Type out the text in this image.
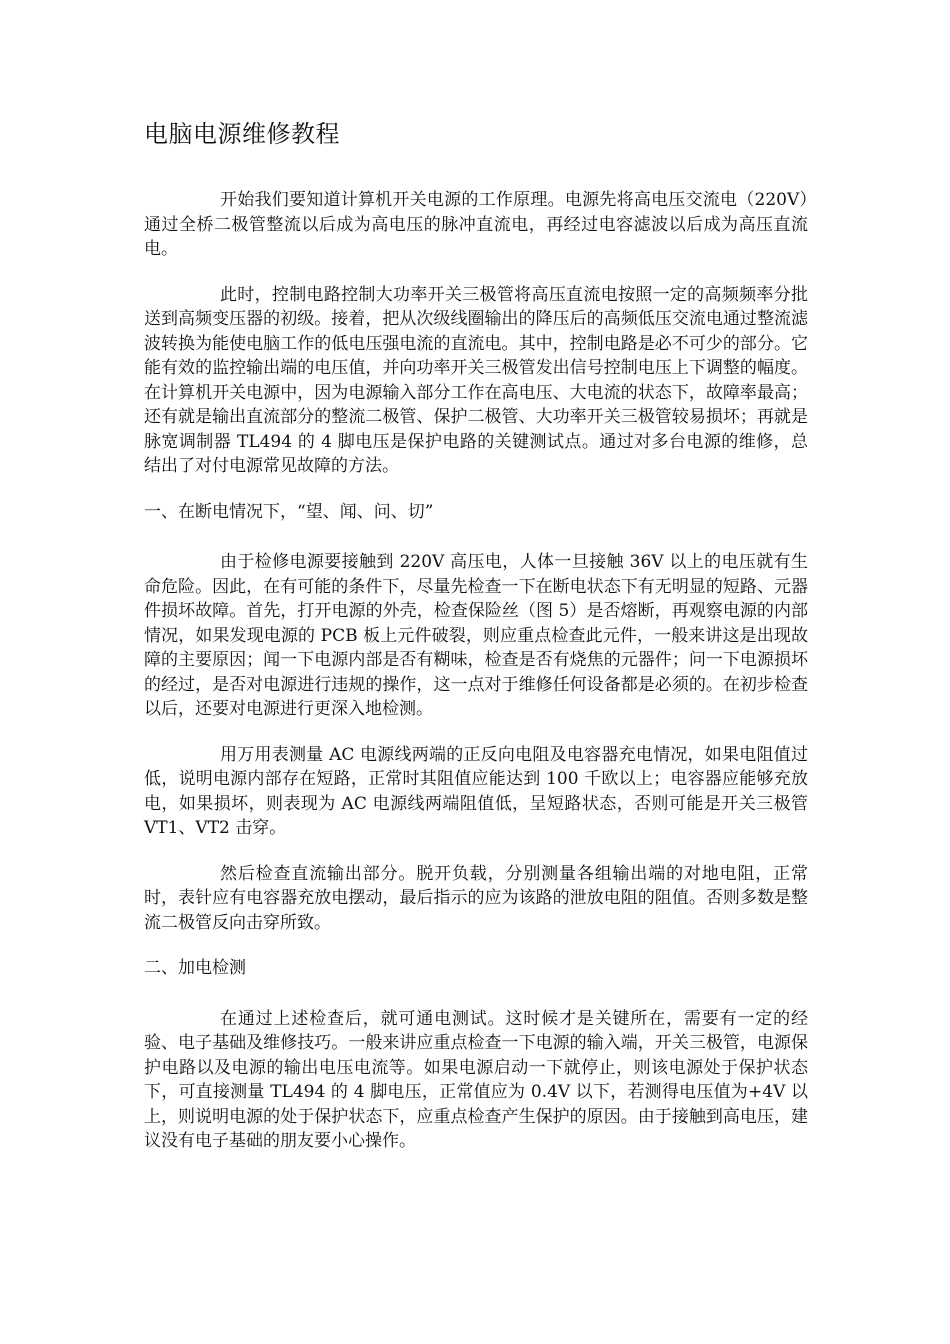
电脑电源维修教程

开始我们要知道计算机开关电源的工作原理。电源先将高电压交流电（220V）通过全桥二极管整流以后成为高电压的脉冲直流电，再经过电容滤波以后成为高压直流电。

此时，控制电路控制大功率开关三极管将高压直流电按照一定的高频频率分批送到高频变压器的初级。接着，把从次级线圈输出的降压后的高频低压交流电通过整流滤波转换为能使电脑工作的低电压强电流的直流电。其中，控制电路是必不可少的部分。它能有效的监控输出端的电压值，并向功率开关三极管发出信号控制电压上下调整的幅度。在计算机开关电源中，因为电源输入部分工作在高电压、大电流的状态下，故障率最高；还有就是输出直流部分的整流二极管、保护二极管、大功率开关三极管较易损坏；再就是脉宽调制器 TL494 的 4 脚电压是保护电路的关键测试点。通过对多台电源的维修，总结出了对付电源常见故障的方法。

一、在断电情况下，“望、闻、问、切”

由于检修电源要接触到 220V 高压电，人体一旦接触 36V 以上的电压就有生命危险。因此，在有可能的条件下，尽量先检查一下在断电状态下有无明显的短路、元器件损坏故障。首先，打开电源的外壳，检查保险丝（图 5）是否熔断，再观察电源的内部情况，如果发现电源的 PCB 板上元件破裂，则应重点检查此元件，一般来讲这是出现故障的主要原因；闻一下电源内部是否有糊味，检查是否有烧焦的元器件；问一下电源损坏的经过，是否对电源进行违规的操作，这一点对于维修任何设备都是必须的。在初步检查以后，还要对电源进行更深入地检测。

用万用表测量 AC 电源线两端的正反向电阻及电容器充电情况，如果电阻值过低，说明电源内部存在短路，正常时其阻值应能达到 100 千欧以上；电容器应能够充放电，如果损坏，则表现为 AC 电源线两端阻值低，呈短路状态，否则可能是开关三极管 VT1、VT2 击穿。

然后检查直流输出部分。脱开负载，分别测量各组输出端的对地电阻，正常时，表针应有电容器充放电摆动，最后指示的应为该路的泄放电阻的阻值。否则多数是整流二极管反向击穿所致。

二、加电检测

在通过上述检查后，就可通电测试。这时候才是关键所在，需要有一定的经验、电子基础及维修技巧。一般来讲应重点检查一下电源的输入端，开关三极管，电源保护电路以及电源的输出电压电流等。如果电源启动一下就停止，则该电源处于保护状态下，可直接测量 TL494 的 4 脚电压，正常值应为 0.4V 以下，若测得电压值为+4V 以上，则说明电源的处于保护状态下，应重点检查产生保护的原因。由于接触到高电压，建议没有电子基础的朋友要小心操作。
